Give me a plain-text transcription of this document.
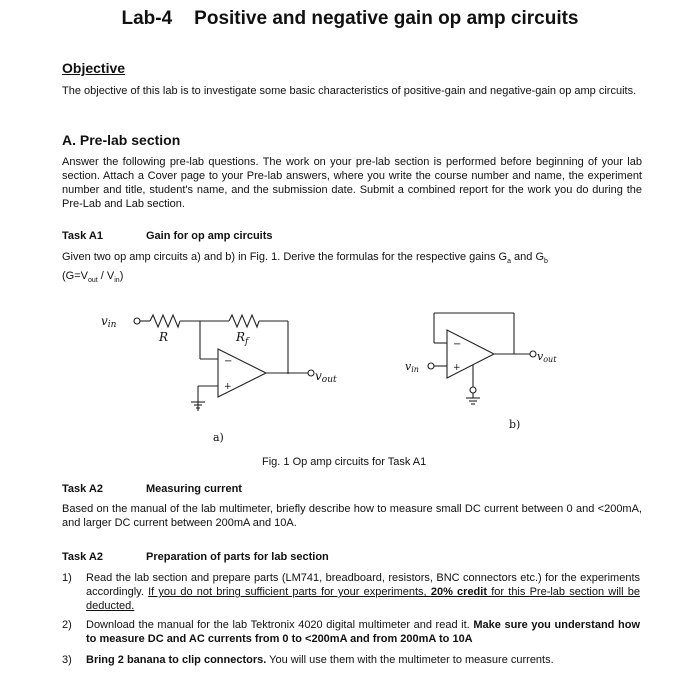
Lab-4 Positive and negative gain op amp circuits
Objective
The objective of this lab is to investigate some basic characteristics of positive-gain and negative-gain op amp circuits.
A. Pre-lab section
Answer the following pre-lab questions. The work on your pre-lab section is performed before beginning of your lab section. Attach a Cover page to your Pre-lab answers, where you write the course number and name, the experiment number and title, student's name, and the submission date. Submit a combined report for the work you do during the Pre-Lab and Lab section.
Task A1	Gain for op amp circuits
Given two op amp circuits a) and b) in Fig. 1. Derive the formulas for the respective gains $G_a$ and $G_b$
$(G=V_{out} / V_{in})$
vin
R	$R_f$
−
+
vout
a)
vin
−
+
vout
b)
Fig. 1 Op amp circuits for Task A1
Task A2	Measuring current
Based on the manual of the lab multimeter, briefly describe how to measure small DC current between 0 and <200mA, and larger DC current between 200mA and 10A.
Task A2	Preparation of parts for lab section
1) Read the lab section and prepare parts (LM741, breadboard, resistors, BNC connectors etc.) for the experiments accordingly. If you do not bring sufficient parts for your experiments, 20% credit for this Pre-lab section will be deducted.
2) Download the manual for the lab Tektronix 4020 digital multimeter and read it. Make sure you understand how to measure DC and AC currents from 0 to <200mA and from 200mA to 10A
3) Bring 2 banana to clip connectors. You will use them with the multimeter to measure currents.
